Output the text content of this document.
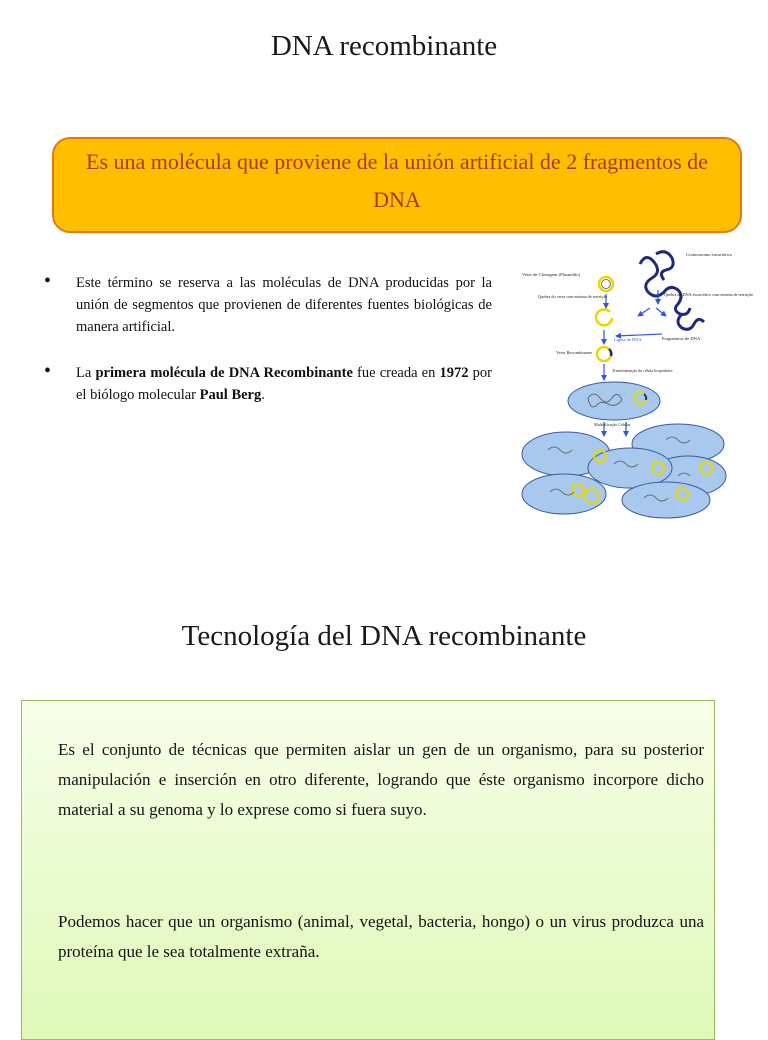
DNA recombinante
Es una molécula que proviene de la unión artificial de 2 fragmentos de DNA
• Este término se reserva a las moléculas de DNA producidas por la unión de segmentos que provienen de diferentes fuentes biológicas de manera artificial.
• La primera molécula de DNA Recombinante fue creada en 1972 por el biólogo molecular Paul Berg.
Cromossomo eucariótico
Vetor de Clonagem (Plasmídio)
Quebra do vetor com enzima de restrição	Quebra do DNA eucariótico com enzima de restrição
Fragmentos de DNA
Ligase de DNA
Vetor Recombinante
Transformação da célula hospedeira
Multiplicação Celular
Tecnología del DNA recombinante

Es el conjunto de técnicas que permiten aislar un gen de un organismo, para su posterior manipulación e inserción en otro diferente, logrando que éste organismo incorpore dicho material a su genoma y lo exprese como si fuera suyo.

Podemos hacer que un organismo (animal, vegetal, bacteria, hongo) o un virus produzca una proteína que le sea totalmente extraña.
